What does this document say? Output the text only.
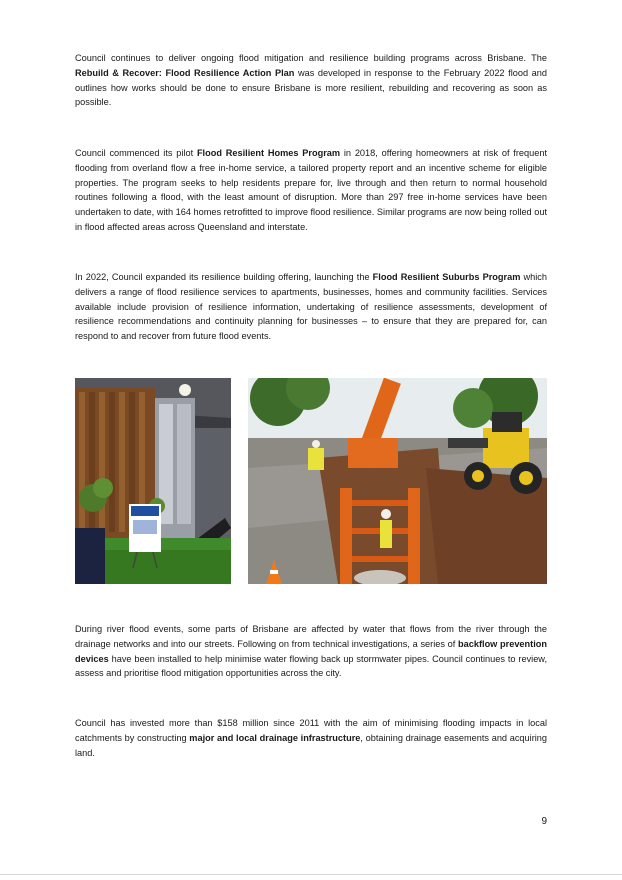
Council continues to deliver ongoing flood mitigation and resilience building programs across Brisbane. The Rebuild & Recover: Flood Resilience Action Plan was developed in response to the February 2022 flood and outlines how works should be done to ensure Brisbane is more resilient, rebuilding and recovering as soon as possible.

Council commenced its pilot Flood Resilient Homes Program in 2018, offering homeowners at risk of frequent flooding from overland flow a free in-home service, a tailored property report and an incentive scheme for eligible properties. The program seeks to help residents prepare for, live through and then return to normal household routines following a flood, with the least amount of disruption. More than 297 free in-home services have been undertaken to date, with 164 homes retrofitted to improve flood resilience. Similar programs are now being rolled out in flood affected areas across Queensland and interstate.

In 2022, Council expanded its resilience building offering, launching the Flood Resilient Suburbs Program which delivers a range of flood resilience services to apartments, businesses, homes and community facilities. Services available include provision of resilience information, undertaking of resilience assessments, development of resilience recommendations and continuity planning for businesses – to ensure that they are prepared for, can respond to and recover from future flood events.

During river flood events, some parts of Brisbane are affected by water that flows from the river through the drainage networks and into our streets. Following on from technical investigations, a series of backflow prevention devices have been installed to help minimise water flowing back up stormwater pipes. Council continues to review, assess and prioritise flood mitigation opportunities across the city.

Council has invested more than $158 million since 2011 with the aim of minimising flooding impacts in local catchments by constructing major and local drainage infrastructure, obtaining drainage easements and acquiring land.

9
